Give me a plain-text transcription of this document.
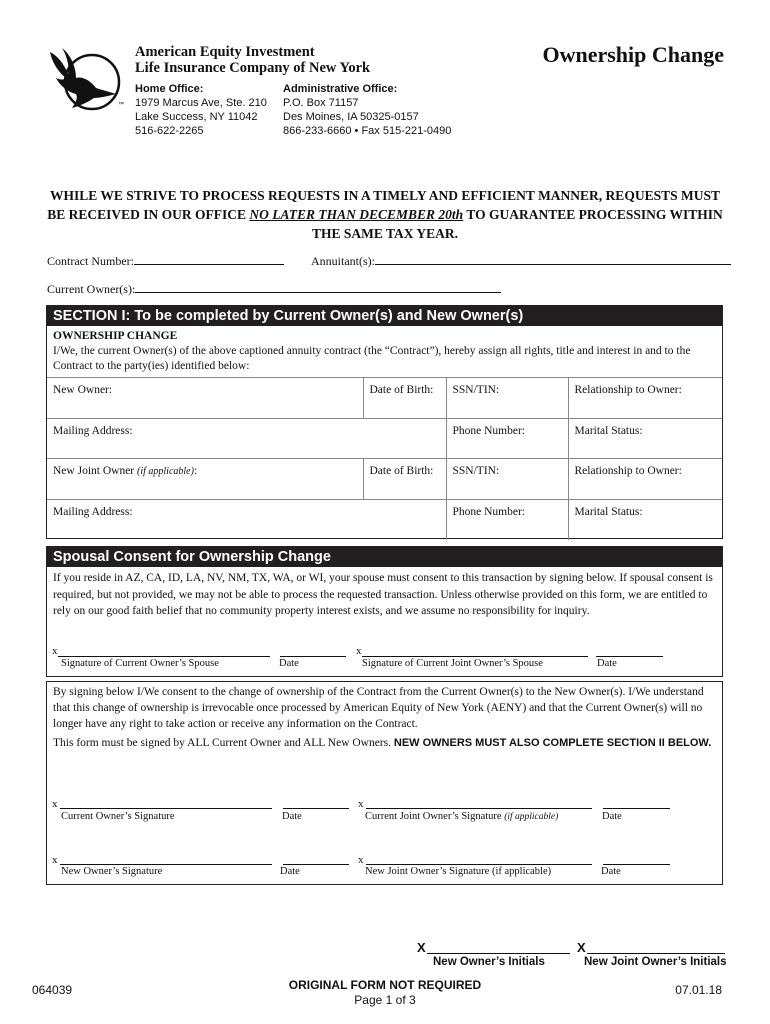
™
American Equity Investment
Life Insurance Company of New York
Ownership Change
Home Office:
1979 Marcus Ave, Ste. 210
Lake Success, NY 11042
516-622-2265
Administrative Office:
P.O. Box 71157
Des Moines, IA 50325-0157
866-233-6660 • Fax 515-221-0490
WHILE WE STRIVE TO PROCESS REQUESTS IN A TIMELY AND EFFICIENT MANNER, REQUESTS MUST BE RECEIVED IN OUR OFFICE NO LATER THAN DECEMBER 20th TO GUARANTEE PROCESSING WITHIN THE SAME TAX YEAR.
Contract Number:	Annuitant(s):
Current Owner(s):
SECTION I: To be completed by Current Owner(s) and New Owner(s)
OWNERSHIP CHANGE
I/We, the current Owner(s) of the above captioned annuity contract (the “Contract”), hereby assign all rights, title and interest in and to the Contract to the party(ies) identified below:
New Owner:	Date of Birth:	SSN/TIN:	Relationship to Owner:
Mailing Address:		Phone Number:	Marital Status:
New Joint Owner (if applicable):	Date of Birth:	SSN/TIN:	Relationship to Owner:
Mailing Address:		Phone Number:	Marital Status:
Spousal Consent for Ownership Change
If you reside in AZ, CA, ID, LA, NV, NM, TX, WA, or WI, your spouse must consent to this transaction by signing below. If spousal consent is required, but not provided, we may not be able to process the requested transaction. Unless otherwise provided on this form, we are entitled to rely on our good faith belief that no community property interest exists, and we assume no responsibility for inquiry.
x	x
Signature of Current Owner’s Spouse	Date	Signature of Current Joint Owner’s Spouse	Date
By signing below I/We consent to the change of ownership of the Contract from the Current Owner(s) to the New Owner(s). I/We understand that this change of ownership is irrevocable once processed by American Equity of New York (AENY) and that the Current Owner(s) will no longer have any right to take action or receive any information on the Contract.
This form must be signed by ALL Current Owner and ALL New Owners. NEW OWNERS MUST ALSO COMPLETE SECTION II BELOW.
x	x
Current Owner’s Signature	Date	Current Joint Owner’s Signature (if applicable)	Date
x	x
New Owner’s Signature	Date	New Joint Owner’s Signature (if applicable)	Date
X
New Owner’s Initials
X
New Joint Owner’s Initials
064039	ORIGINAL FORM NOT REQUIRED
Page 1 of 3
07.01.18
